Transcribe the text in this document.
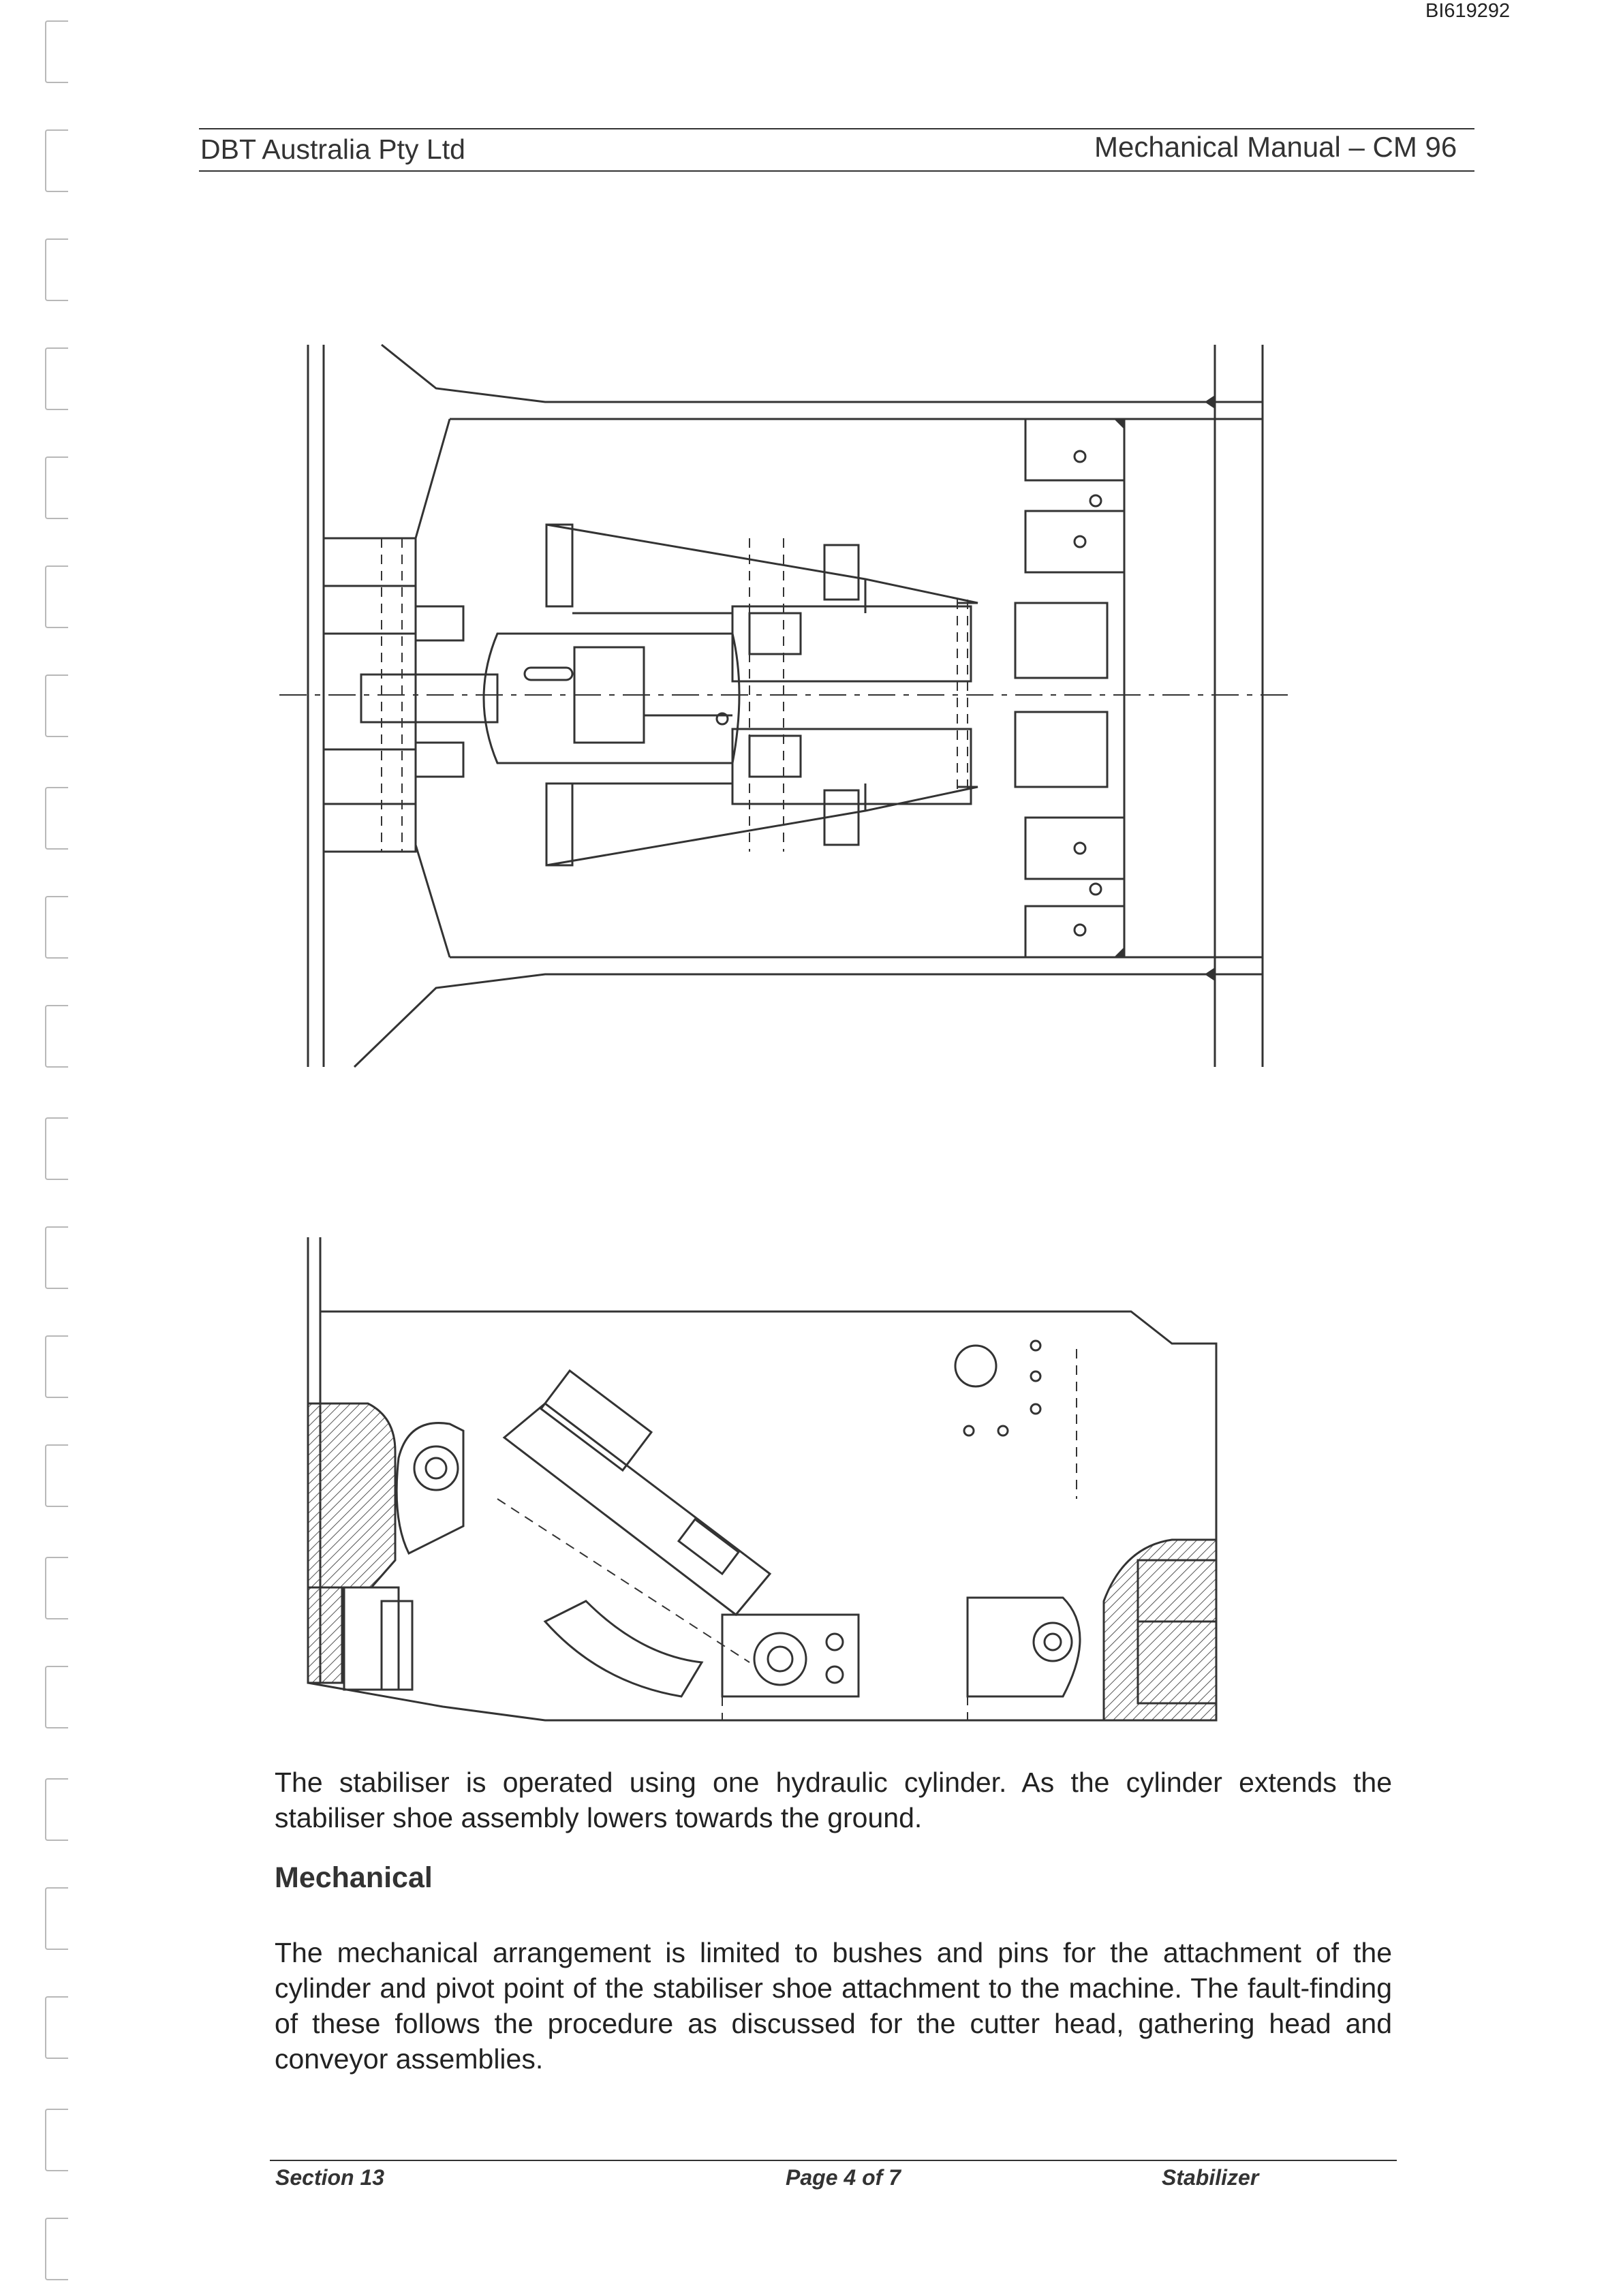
BI619292
DBT Australia Pty Ltd	Mechanical Manual – CM 96

The stabiliser is operated using one hydraulic cylinder. As the cylinder extends the stabiliser shoe assembly lowers towards the ground.

Mechanical

The mechanical arrangement is limited to bushes and pins for the attachment of the cylinder and pivot point of the stabiliser shoe attachment to the machine. The fault-finding of these follows the procedure as discussed for the cutter head, gathering head and conveyor assemblies.

Section 13	Page 4 of 7	Stabilizer
